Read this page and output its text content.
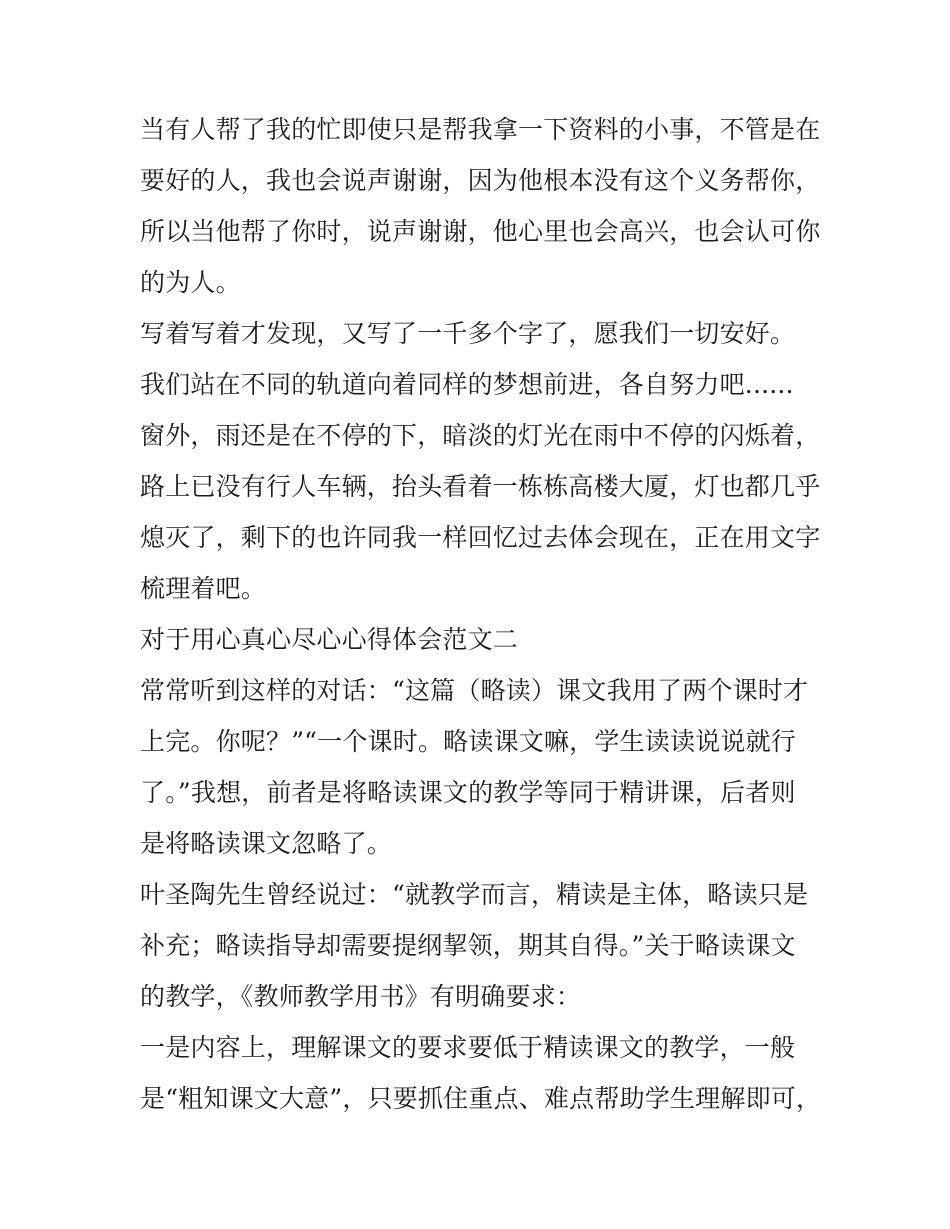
当有人帮了我的忙即使只是帮我拿一下资料的小事，不管是在
要好的人，我也会说声谢谢，因为他根本没有这个义务帮你，
所以当他帮了你时，说声谢谢，他心里也会高兴，也会认可你
的为人。
写着写着才发现，又写了一千多个字了，愿我们一切安好。
我们站在不同的轨道向着同样的梦想前进，各自努力吧......
窗外，雨还是在不停的下，暗淡的灯光在雨中不停的闪烁着，
路上已没有行人车辆，抬头看着一栋栋高楼大厦，灯也都几乎
熄灭了，剩下的也许同我一样回忆过去体会现在，正在用文字
梳理着吧。
对于用心真心尽心心得体会范文二
常常听到这样的对话：“这篇（略读）课文我用了两个课时才
上完。你呢？”“一个课时。略读课文嘛，学生读读说说就行
了。”我想，前者是将略读课文的教学等同于精讲课，后者则
是将略读课文忽略了。
叶圣陶先生曾经说过：“就教学而言，精读是主体，略读只是
补充；略读指导却需要提纲挈领，期其自得。”关于略读课文
的教学，《教师教学用书》有明确要求：
一是内容上，理解课文的要求要低于精读课文的教学，一般
是“粗知课文大意”，只要抓住重点、难点帮助学生理解即可，
